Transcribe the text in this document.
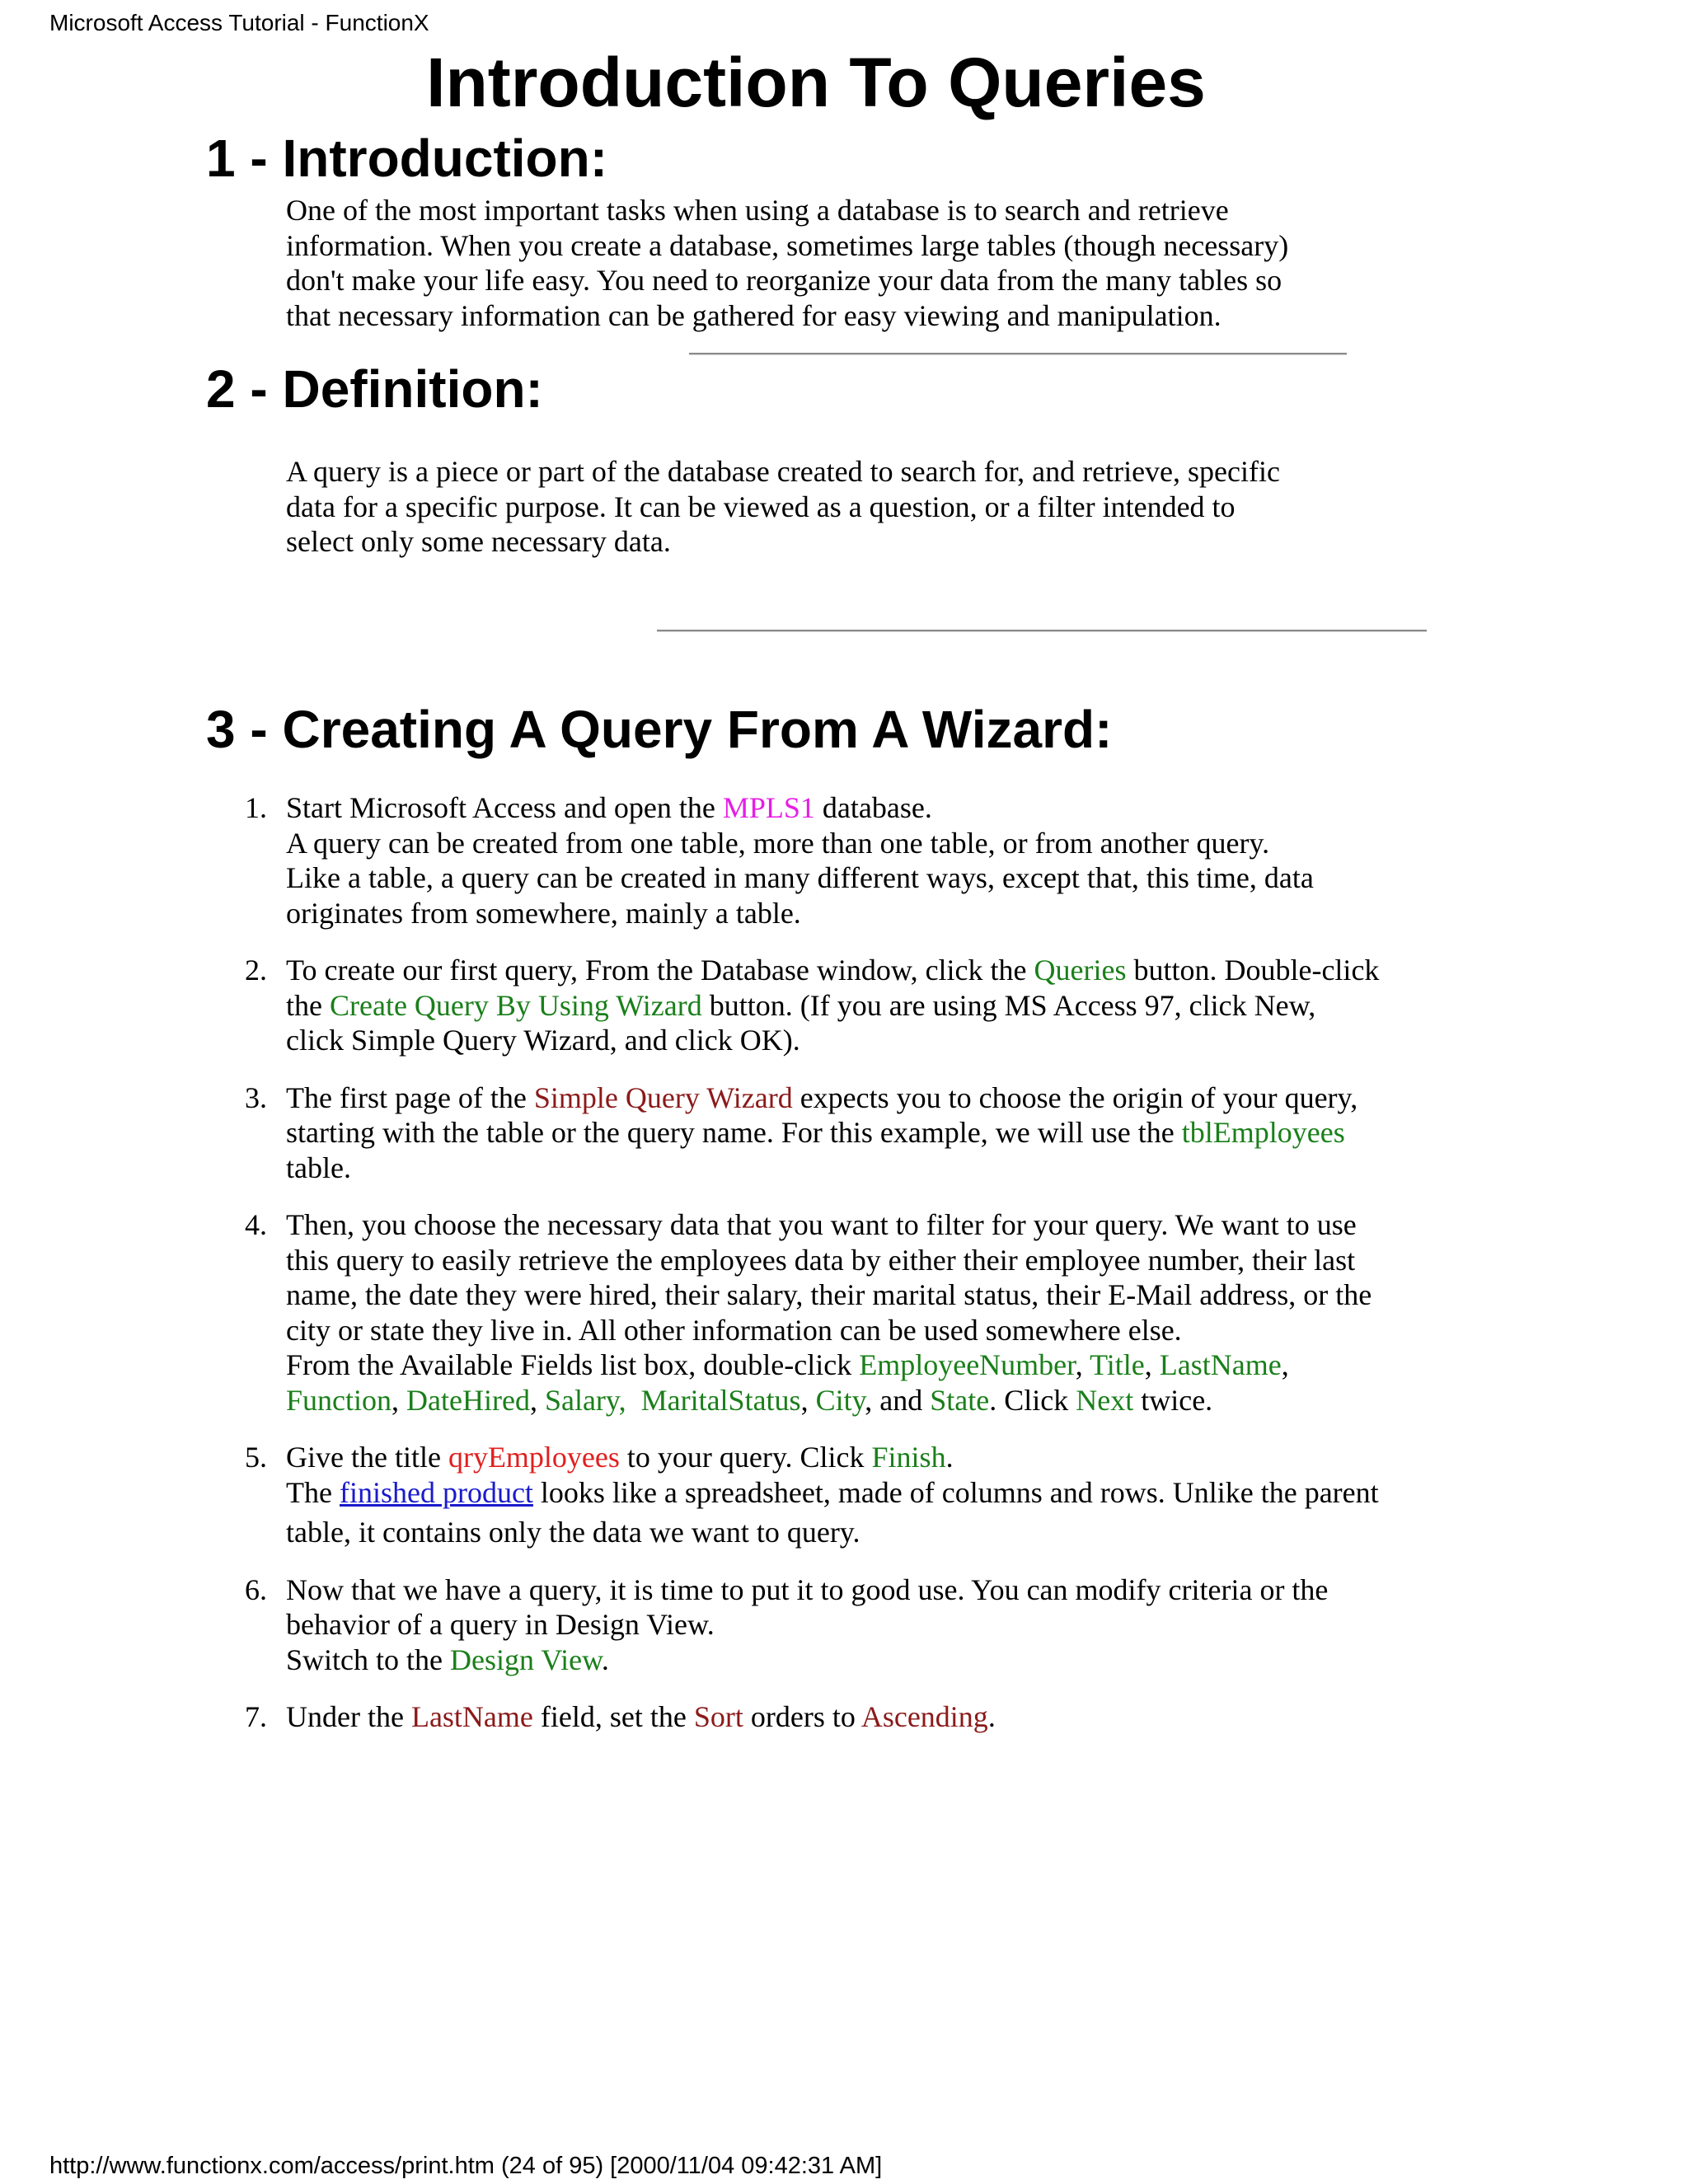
Microsoft Access Tutorial - FunctionX
Introduction To Queries
1 - Introduction:
One of the most important tasks when using a database is to search and retrieve
information. When you create a database, sometimes large tables (though necessary)
don't make your life easy. You need to reorganize your data from the many tables so
that necessary information can be gathered for easy viewing and manipulation.
2 - Definition:
A query is a piece or part of the database created to search for, and retrieve, specific
data for a specific purpose. It can be viewed as a question, or a filter intended to
select only some necessary data.
3 - Creating A Query From A Wizard:
1. Start Microsoft Access and open the MPLS1 database.
A query can be created from one table, more than one table, or from another query.
Like a table, a query can be created in many different ways, except that, this time, data
originates from somewhere, mainly a table.
2. To create our first query, From the Database window, click the Queries button. Double-click
the Create Query By Using Wizard button. (If you are using MS Access 97, click New,
click Simple Query Wizard, and click OK).
3. The first page of the Simple Query Wizard expects you to choose the origin of your query,
starting with the table or the query name. For this example, we will use the tblEmployees
table.
4. Then, you choose the necessary data that you want to filter for your query. We want to use
this query to easily retrieve the employees data by either their employee number, their last
name, the date they were hired, their salary, their marital status, their E-Mail address, or the
city or state they live in. All other information can be used somewhere else.
From the Available Fields list box, double-click EmployeeNumber, Title, LastName,
Function, DateHired, Salary, MaritalStatus, City, and State. Click Next twice.
5. Give the title qryEmployees to your query. Click Finish.
The finished product looks like a spreadsheet, made of columns and rows. Unlike the parent
table, it contains only the data we want to query.
6. Now that we have a query, it is time to put it to good use. You can modify criteria or the
behavior of a query in Design View.
Switch to the Design View.
7. Under the LastName field, set the Sort orders to Ascending.
http://www.functionx.com/access/print.htm (24 of 95) [2000/11/04 09:42:31 AM]
